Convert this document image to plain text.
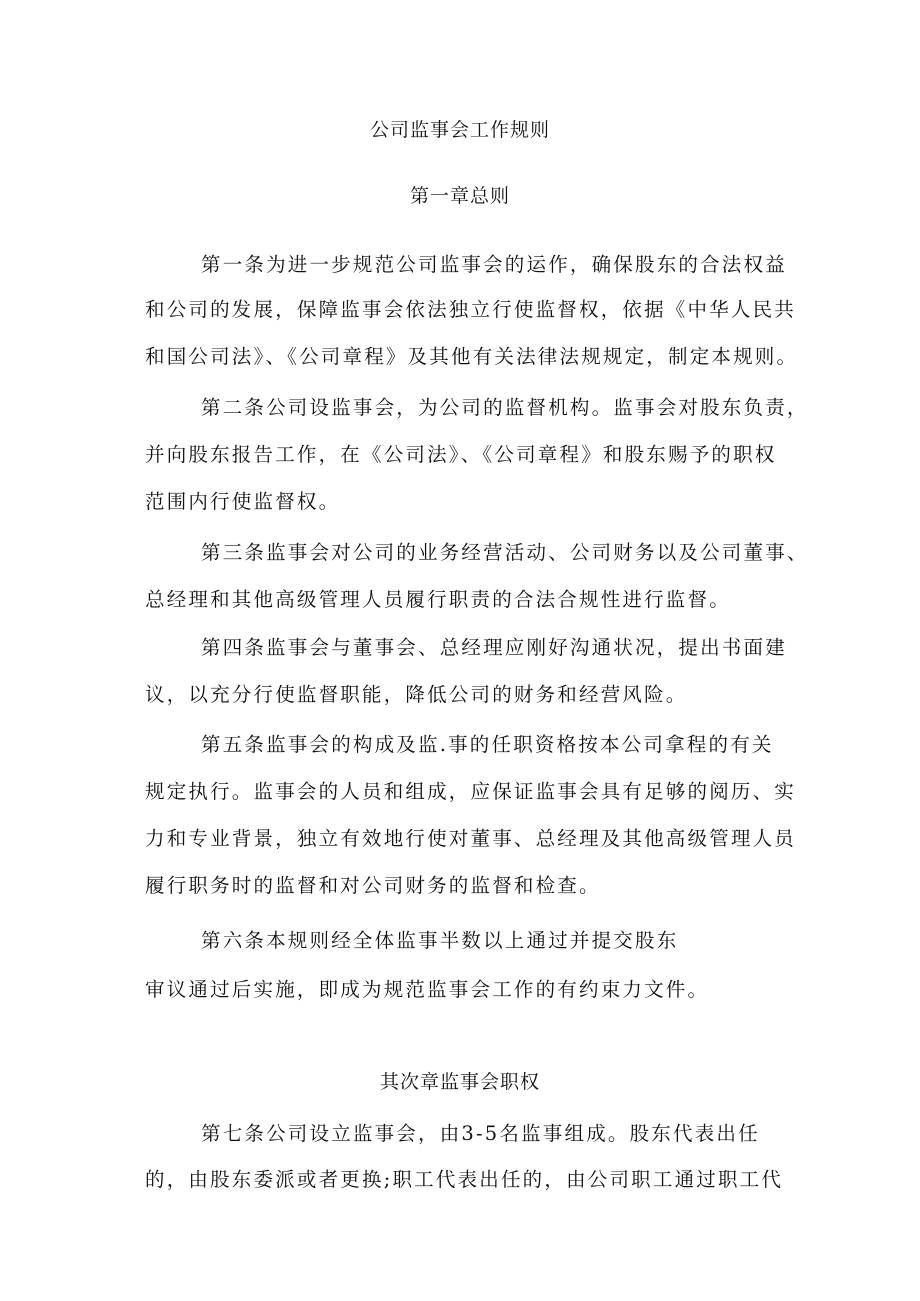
公司监事会工作规则
第一章总则

第一条为进一步规范公司监事会的运作，确保股东的合法权益

和公司的发展，保障监事会依法独立行使监督权，依据《中华人民共

和国公司法》、《公司章程》及其他有关法律法规规定，制定本规则。

第二条公司设监事会，为公司的监督机构。监事会对股东负责，

并向股东报告工作，在《公司法》、《公司章程》和股东赐予的职权

范围内行使监督权。

第三条监事会对公司的业务经营活动、公司财务以及公司董事、

总经理和其他高级管理人员履行职责的合法合规性进行监督。

第四条监事会与董事会、总经理应刚好沟通状况，提出书面建

议，以充分行使监督职能，降低公司的财务和经营风险。

第五条监事会的构成及监.事的任职资格按本公司拿程的有关

规定执行。监事会的人员和组成，应保证监事会具有足够的阅历、实

力和专业背景，独立有效地行使对董事、总经理及其他高级管理人员

履行职务时的监督和对公司财务的监督和检查。

第六条本规则经全体监事半数以上通过并提交股东

审议通过后实施，即成为规范监事会工作的有约束力文件。

其次章监事会职权

第七条公司设立监事会，由3-5名监事组成。股东代表出任

的，由股东委派或者更换;职工代表出任的，由公司职工通过职工代
